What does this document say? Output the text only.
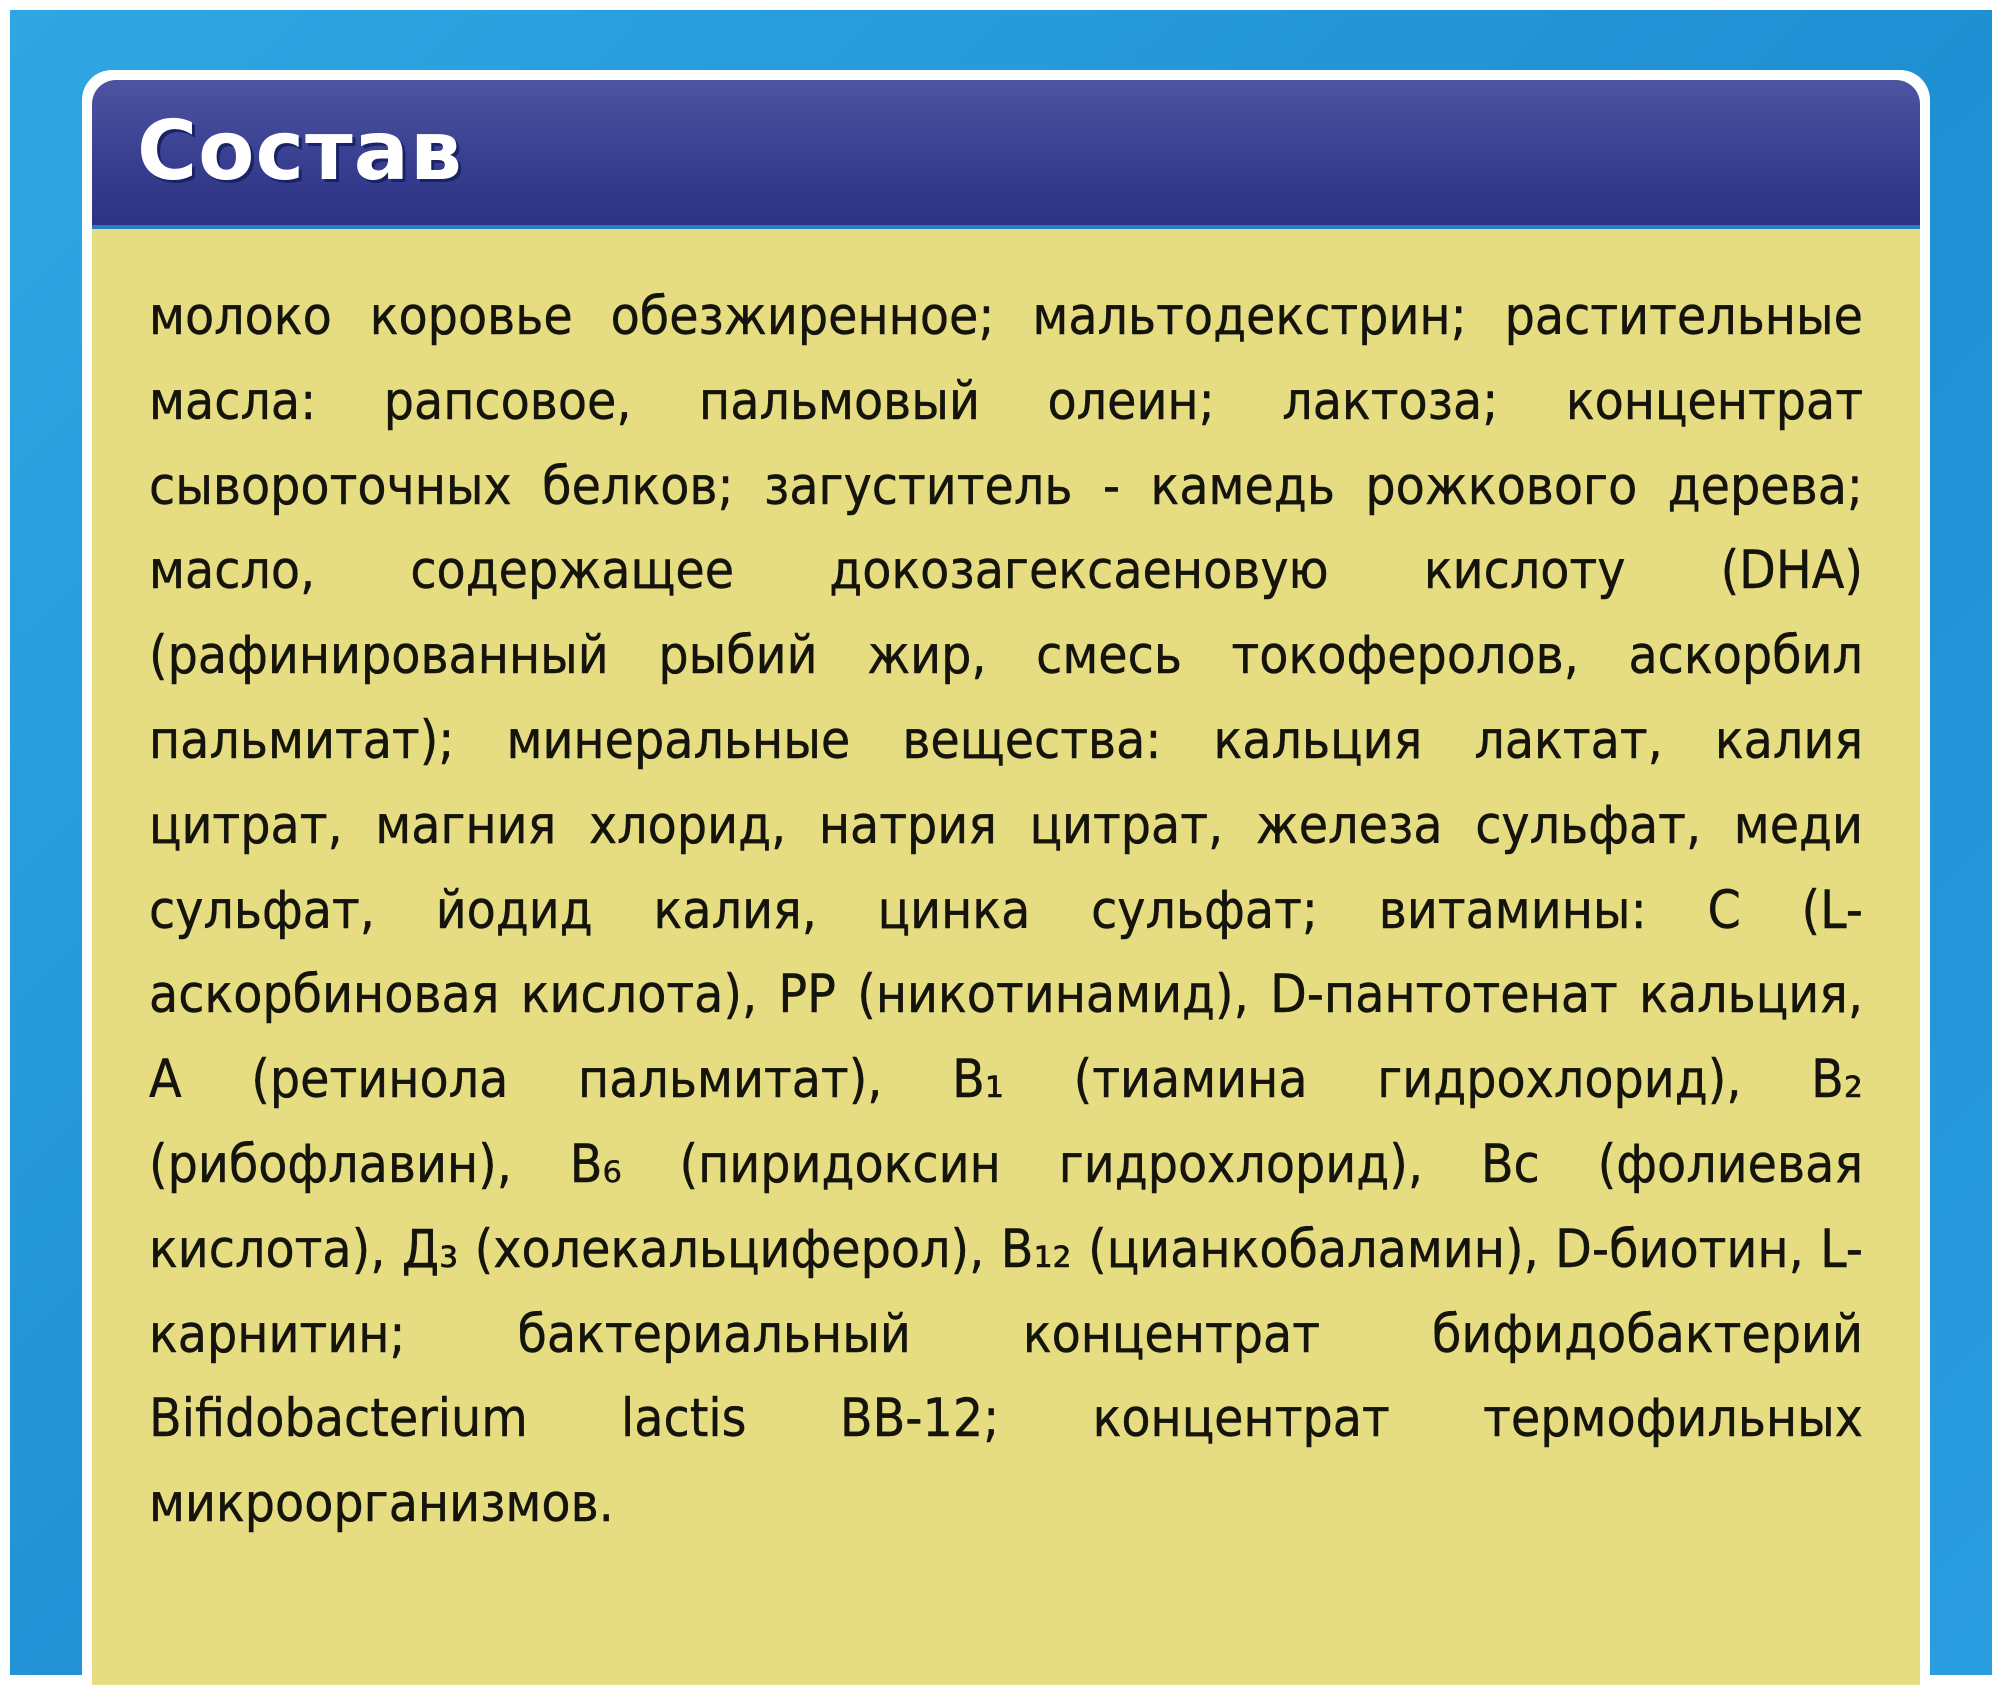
Состав

молоко коровье обезжиренное; мальтодекстрин; растительные масла: рапсовое, пальмовый олеин; лактоза; концентрат сывороточных белков; загуститель - камедь рожкового дерева; масло, содержащее докозагексаеновую кислоту (DHA) (рафинированный рыбий жир, смесь токоферолов, аскорбил пальмитат); минеральные вещества: кальция лактат, калия цитрат, магния хлорид, натрия цитрат, железа сульфат, меди сульфат, йодид калия, цинка сульфат; витамины: С (L-аскорбиновая кислота), РР (никотинамид), D-пантотенат кальция, А (ретинола пальмитат), В₁ (тиамина гидрохлорид), В₂ (рибофлавин), В₆ (пиридоксин гидрохлорид), Вс (фолиевая кислота), Д₃ (холекальциферол), В₁₂ (цианкобаламин), D-биотин, L-карнитин; бактериальный концентрат бифидобактерий Bifidobacterium lactis ВВ-12; концентрат термофильных микроорганизмов.
